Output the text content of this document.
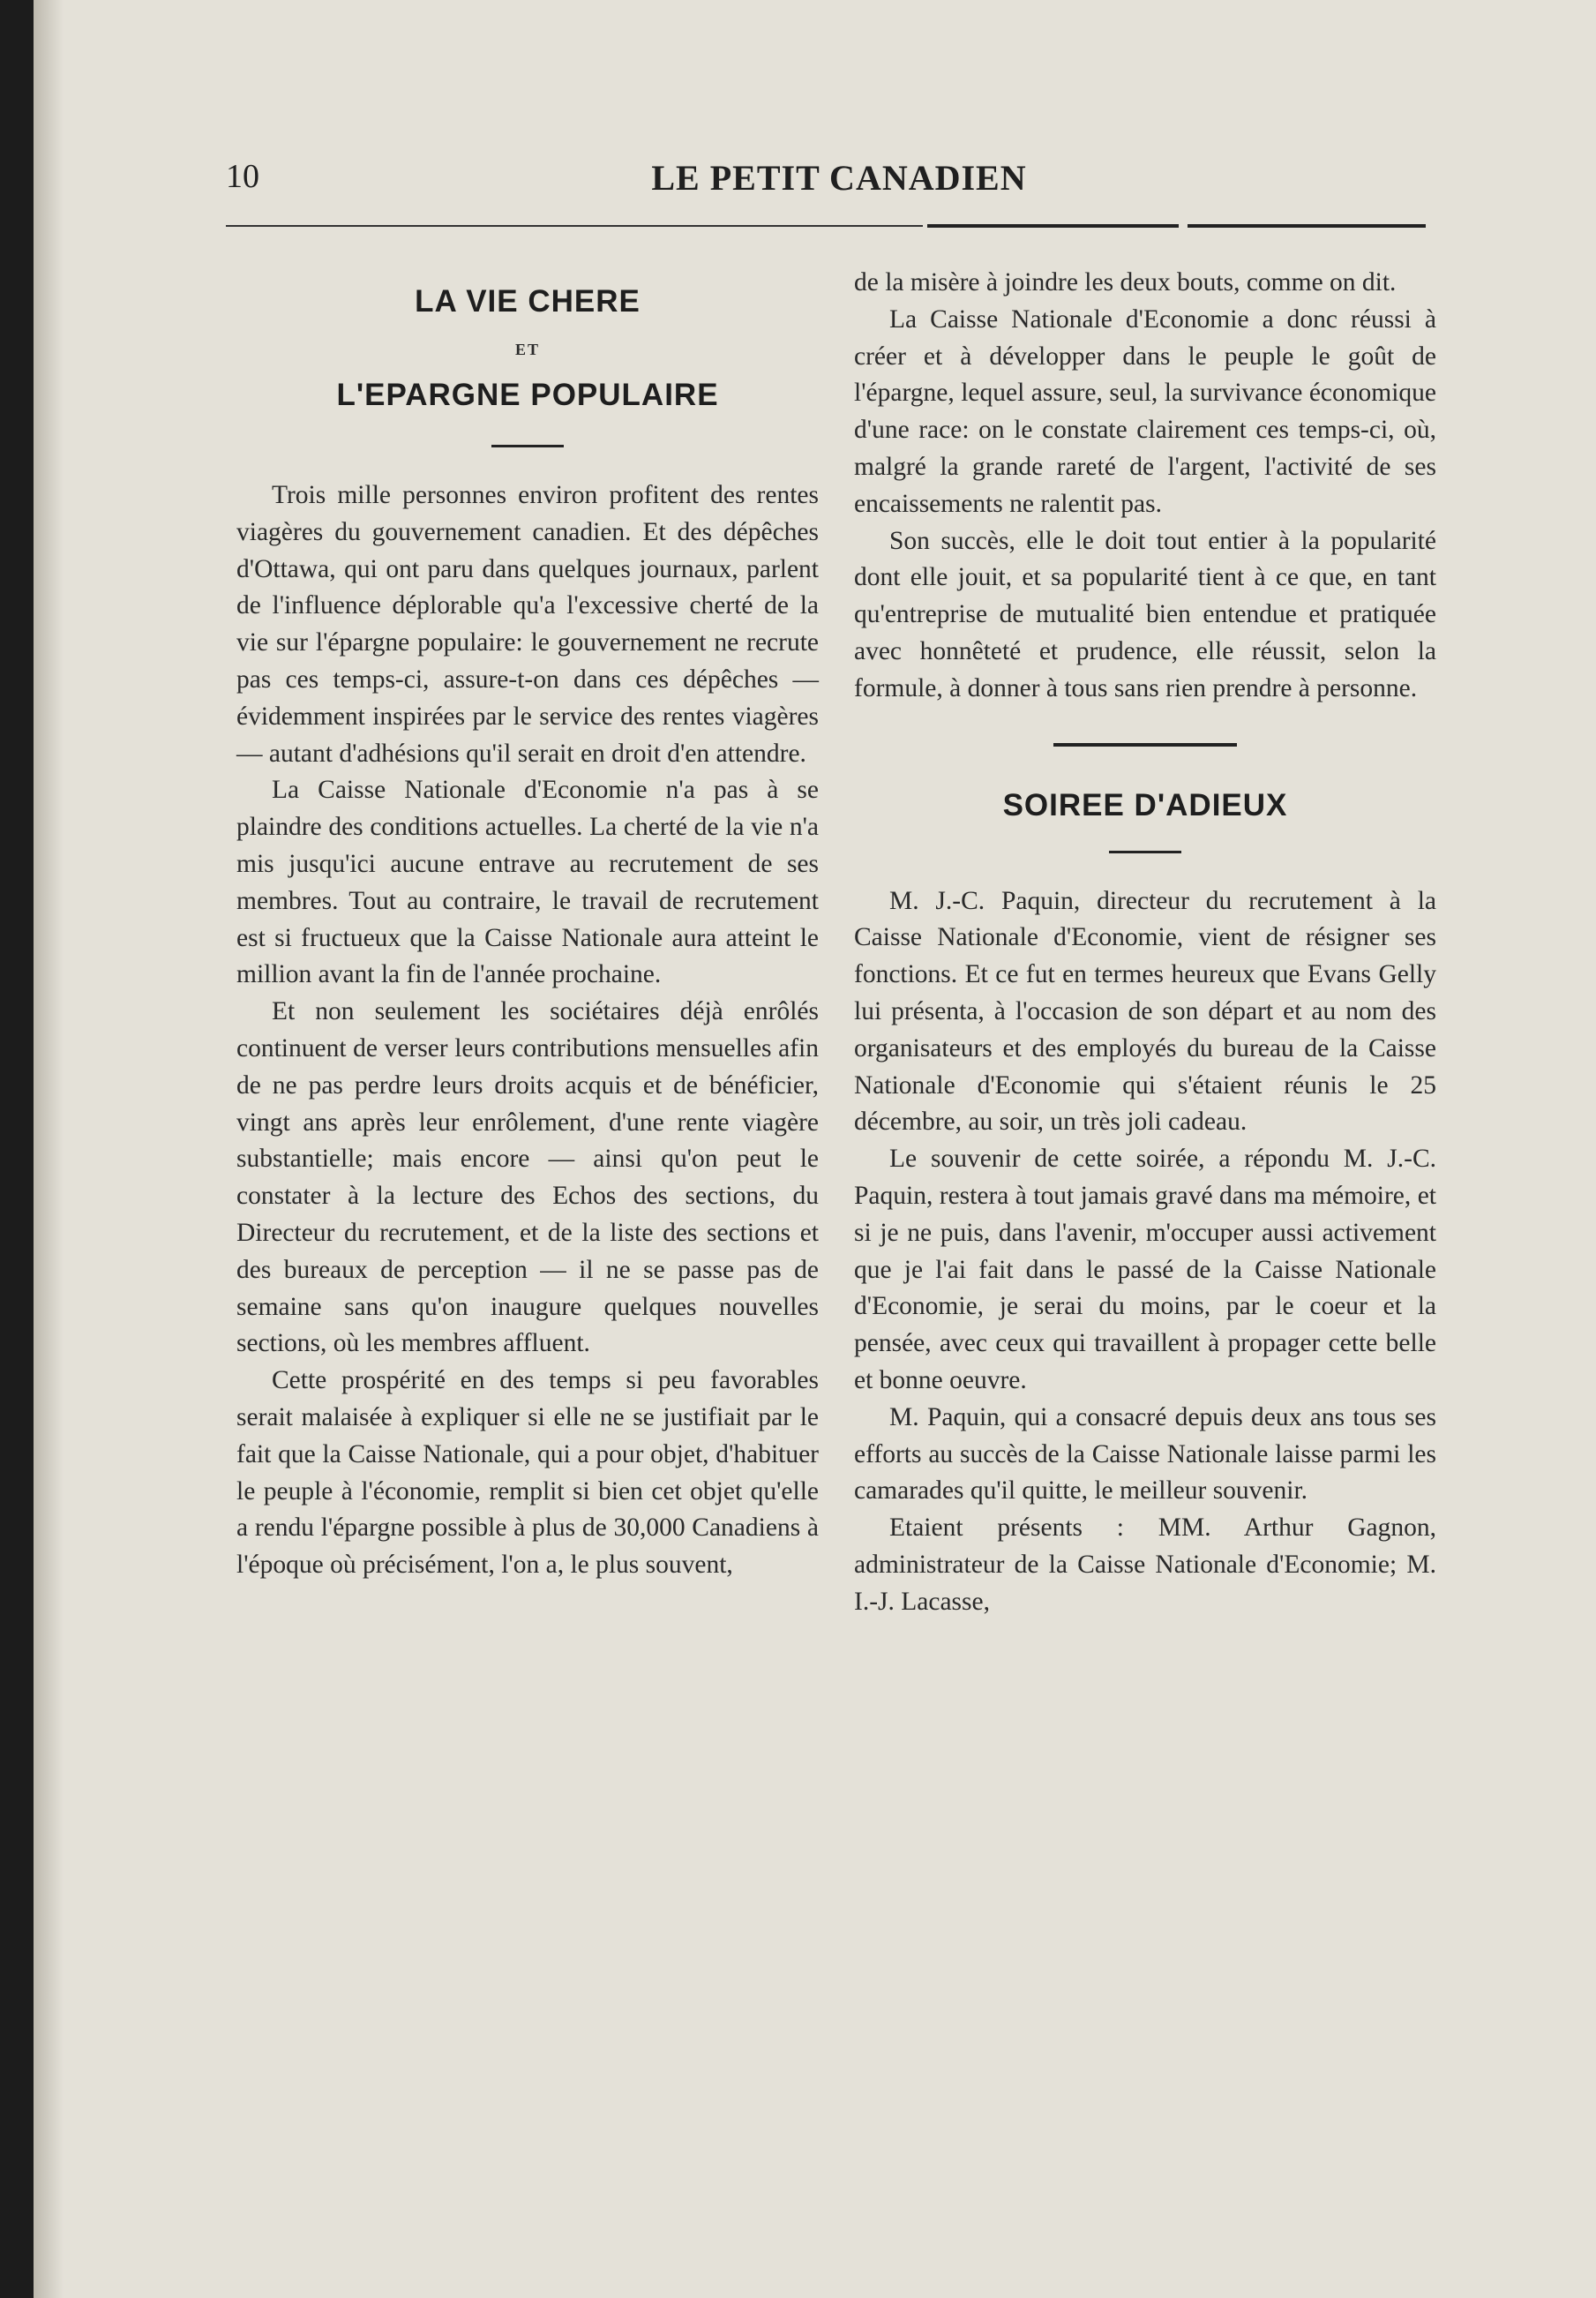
10	LE PETIT CANADIEN
LA VIE CHERE
ET
L'EPARGNE POPULAIRE

Trois mille personnes environ profitent des rentes viagères du gouvernement canadien. Et des dépêches d'Ottawa, qui ont paru dans quelques journaux, parlent de l'influence déplorable qu'a l'excessive cherté de la vie sur l'épargne populaire: le gouvernement ne recrute pas ces temps-ci, assure-t-on dans ces dépêches — évidemment inspirées par le service des rentes viagères — autant d'adhésions qu'il serait en droit d'en attendre.

La Caisse Nationale d'Economie n'a pas à se plaindre des conditions actuelles. La cherté de la vie n'a mis jusqu'ici aucune entrave au recrutement de ses membres. Tout au contraire, le travail de recrutement est si fructueux que la Caisse Nationale aura atteint le million avant la fin de l'année prochaine.

Et non seulement les sociétaires déjà enrôlés continuent de verser leurs contributions mensuelles afin de ne pas perdre leurs droits acquis et de bénéficier, vingt ans après leur enrôlement, d'une rente viagère substantielle; mais encore — ainsi qu'on peut le constater à la lecture des Echos des sections, du Directeur du recrutement, et de la liste des sections et des bureaux de perception — il ne se passe pas de semaine sans qu'on inaugure quelques nouvelles sections, où les membres affluent.

Cette prospérité en des temps si peu favorables serait malaisée à expliquer si elle ne se justifiait par le fait que la Caisse Nationale, qui a pour objet, d'habituer le peuple à l'économie, remplit si bien cet objet qu'elle a rendu l'épargne possible à plus de 30,000 Canadiens à l'époque où précisément, l'on a, le plus souvent,

de la misère à joindre les deux bouts, comme on dit.

La Caisse Nationale d'Economie a donc réussi à créer et à développer dans le peuple le goût de l'épargne, lequel assure, seul, la survivance économique d'une race: on le constate clairement ces temps-ci, où, malgré la grande rareté de l'argent, l'activité de ses encaissements ne ralentit pas.

Son succès, elle le doit tout entier à la popularité dont elle jouit, et sa popularité tient à ce que, en tant qu'entreprise de mutualité bien entendue et pratiquée avec honnêteté et prudence, elle réussit, selon la formule, à donner à tous sans rien prendre à personne.

SOIREE D'ADIEUX

M. J.-C. Paquin, directeur du recrutement à la Caisse Nationale d'Economie, vient de résigner ses fonctions. Et ce fut en termes heureux que Evans Gelly lui présenta, à l'occasion de son départ et au nom des organisateurs et des employés du bureau de la Caisse Nationale d'Economie qui s'étaient réunis le 25 décembre, au soir, un très joli cadeau.

Le souvenir de cette soirée, a répondu M. J.-C. Paquin, restera à tout jamais gravé dans ma mémoire, et si je ne puis, dans l'avenir, m'occuper aussi activement que je l'ai fait dans le passé de la Caisse Nationale d'Economie, je serai du moins, par le coeur et la pensée, avec ceux qui travaillent à propager cette belle et bonne oeuvre.

M. Paquin, qui a consacré depuis deux ans tous ses efforts au succès de la Caisse Nationale laisse parmi les camarades qu'il quitte, le meilleur souvenir.

Etaient présents : MM. Arthur Gagnon, administrateur de la Caisse Nationale d'Economie; M. I.-J. Lacasse,
